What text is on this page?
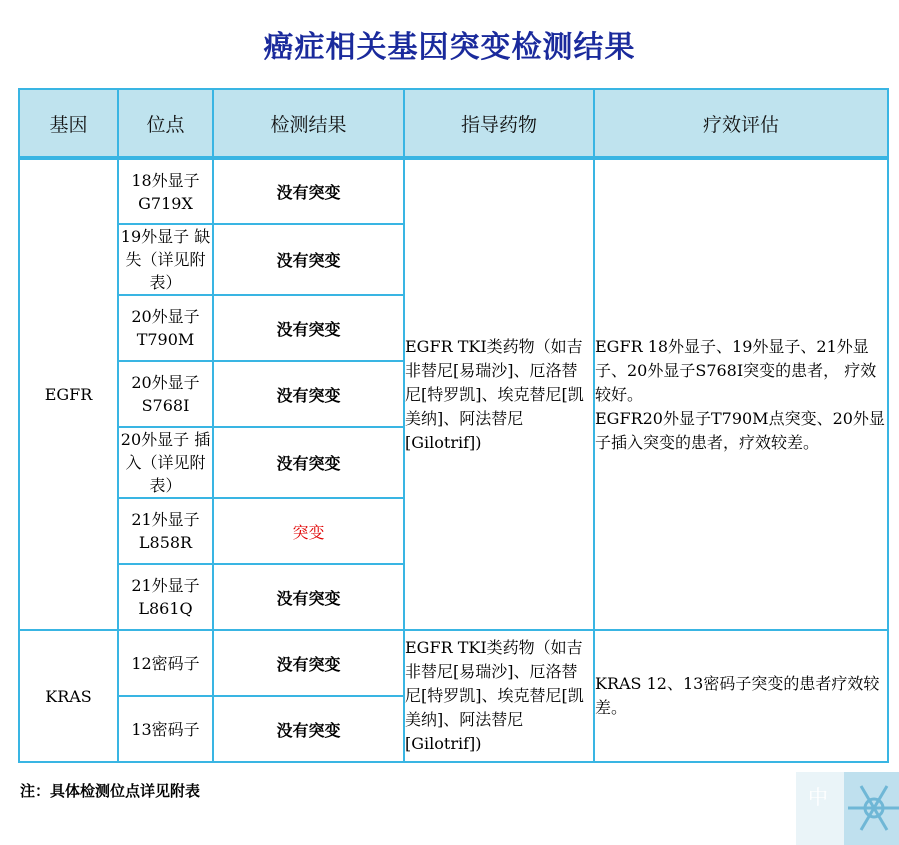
癌症相关基因突变检测结果
基因	位点	检测结果	指导药物	疗效评估
EGFR	18外显子 G719X	没有突变	EGFR TKI类药物（如吉非替尼[易瑞沙]、厄洛替尼[特罗凯]、埃克替尼[凯美纳]、阿法替尼[Gilotrif])	EGFR 18外显子、19外显子、21外显子、20外显子S768I突变的患者， 疗效较好。
EGFR20外显子T790M点突变、20外显子插入突变的患者，疗效较差。
	19外显子 缺失（详见附表）	没有突变		
	20外显子 T790M	没有突变		
	20外显子 S768I	没有突变		
	20外显子 插入（详见附表）	没有突变		
	21外显子 L858R	突变		
	21外显子 L861Q	没有突变		
KRAS	12密码子	没有突变	EGFR TKI类药物（如吉非替尼[易瑞沙]、厄洛替尼[特罗凯]、埃克替尼[凯美纳]、阿法替尼[Gilotrif])	KRAS 12、13密码子突变的患者疗效较差。
	13密码子	没有突变		
注：具体检测位点详见附表	中
